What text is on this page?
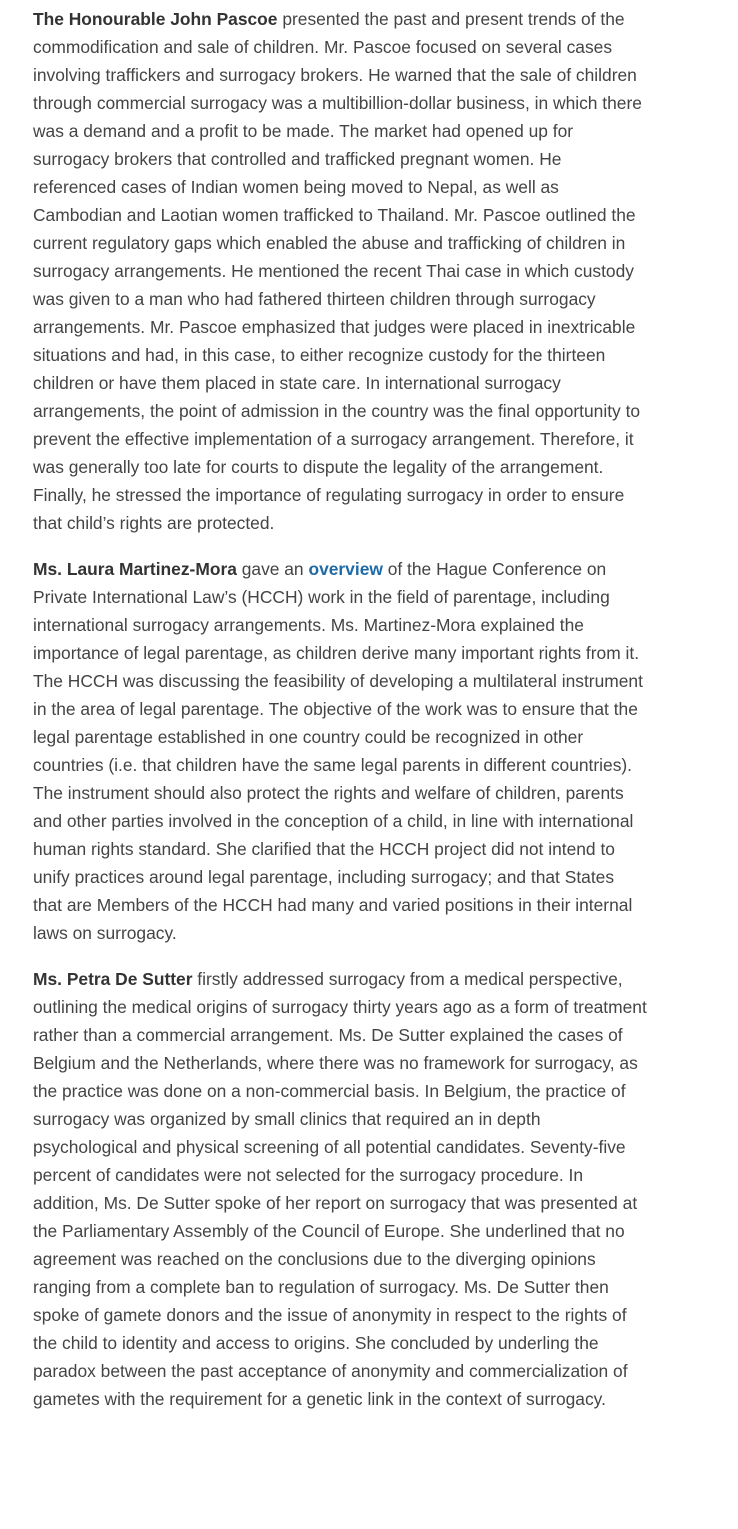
The Honourable John Pascoe presented the past and present trends of the commodification and sale of children. Mr. Pascoe focused on several cases involving traffickers and surrogacy brokers. He warned that the sale of children through commercial surrogacy was a multibillion-dollar business, in which there was a demand and a profit to be made. The market had opened up for surrogacy brokers that controlled and trafficked pregnant women. He referenced cases of Indian women being moved to Nepal, as well as Cambodian and Laotian women trafficked to Thailand. Mr. Pascoe outlined the current regulatory gaps which enabled the abuse and trafficking of children in surrogacy arrangements. He mentioned the recent Thai case in which custody was given to a man who had fathered thirteen children through surrogacy arrangements. Mr. Pascoe emphasized that judges were placed in inextricable situations and had, in this case, to either recognize custody for the thirteen children or have them placed in state care. In international surrogacy arrangements, the point of admission in the country was the final opportunity to prevent the effective implementation of a surrogacy arrangement. Therefore, it was generally too late for courts to dispute the legality of the arrangement. Finally, he stressed the importance of regulating surrogacy in order to ensure that child’s rights are protected.

Ms. Laura Martinez-Mora gave an overview of the Hague Conference on Private International Law’s (HCCH) work in the field of parentage, including international surrogacy arrangements. Ms. Martinez-Mora explained the importance of legal parentage, as children derive many important rights from it. The HCCH was discussing the feasibility of developing a multilateral instrument in the area of legal parentage. The objective of the work was to ensure that the legal parentage established in one country could be recognized in other countries (i.e. that children have the same legal parents in different countries). The instrument should also protect the rights and welfare of children, parents and other parties involved in the conception of a child, in line with international human rights standard. She clarified that the HCCH project did not intend to unify practices around legal parentage, including surrogacy; and that States that are Members of the HCCH had many and varied positions in their internal laws on surrogacy.

Ms. Petra De Sutter firstly addressed surrogacy from a medical perspective, outlining the medical origins of surrogacy thirty years ago as a form of treatment rather than a commercial arrangement. Ms. De Sutter explained the cases of Belgium and the Netherlands, where there was no framework for surrogacy, as the practice was done on a non-commercial basis. In Belgium, the practice of surrogacy was organized by small clinics that required an in depth psychological and physical screening of all potential candidates. Seventy-five percent of candidates were not selected for the surrogacy procedure. In addition, Ms. De Sutter spoke of her report on surrogacy that was presented at the Parliamentary Assembly of the Council of Europe. She underlined that no agreement was reached on the conclusions due to the diverging opinions ranging from a complete ban to regulation of surrogacy. Ms. De Sutter then spoke of gamete donors and the issue of anonymity in respect to the rights of the child to identity and access to origins. She concluded by underling the paradox between the past acceptance of anonymity and commercialization of gametes with the requirement for a genetic link in the context of surrogacy.
